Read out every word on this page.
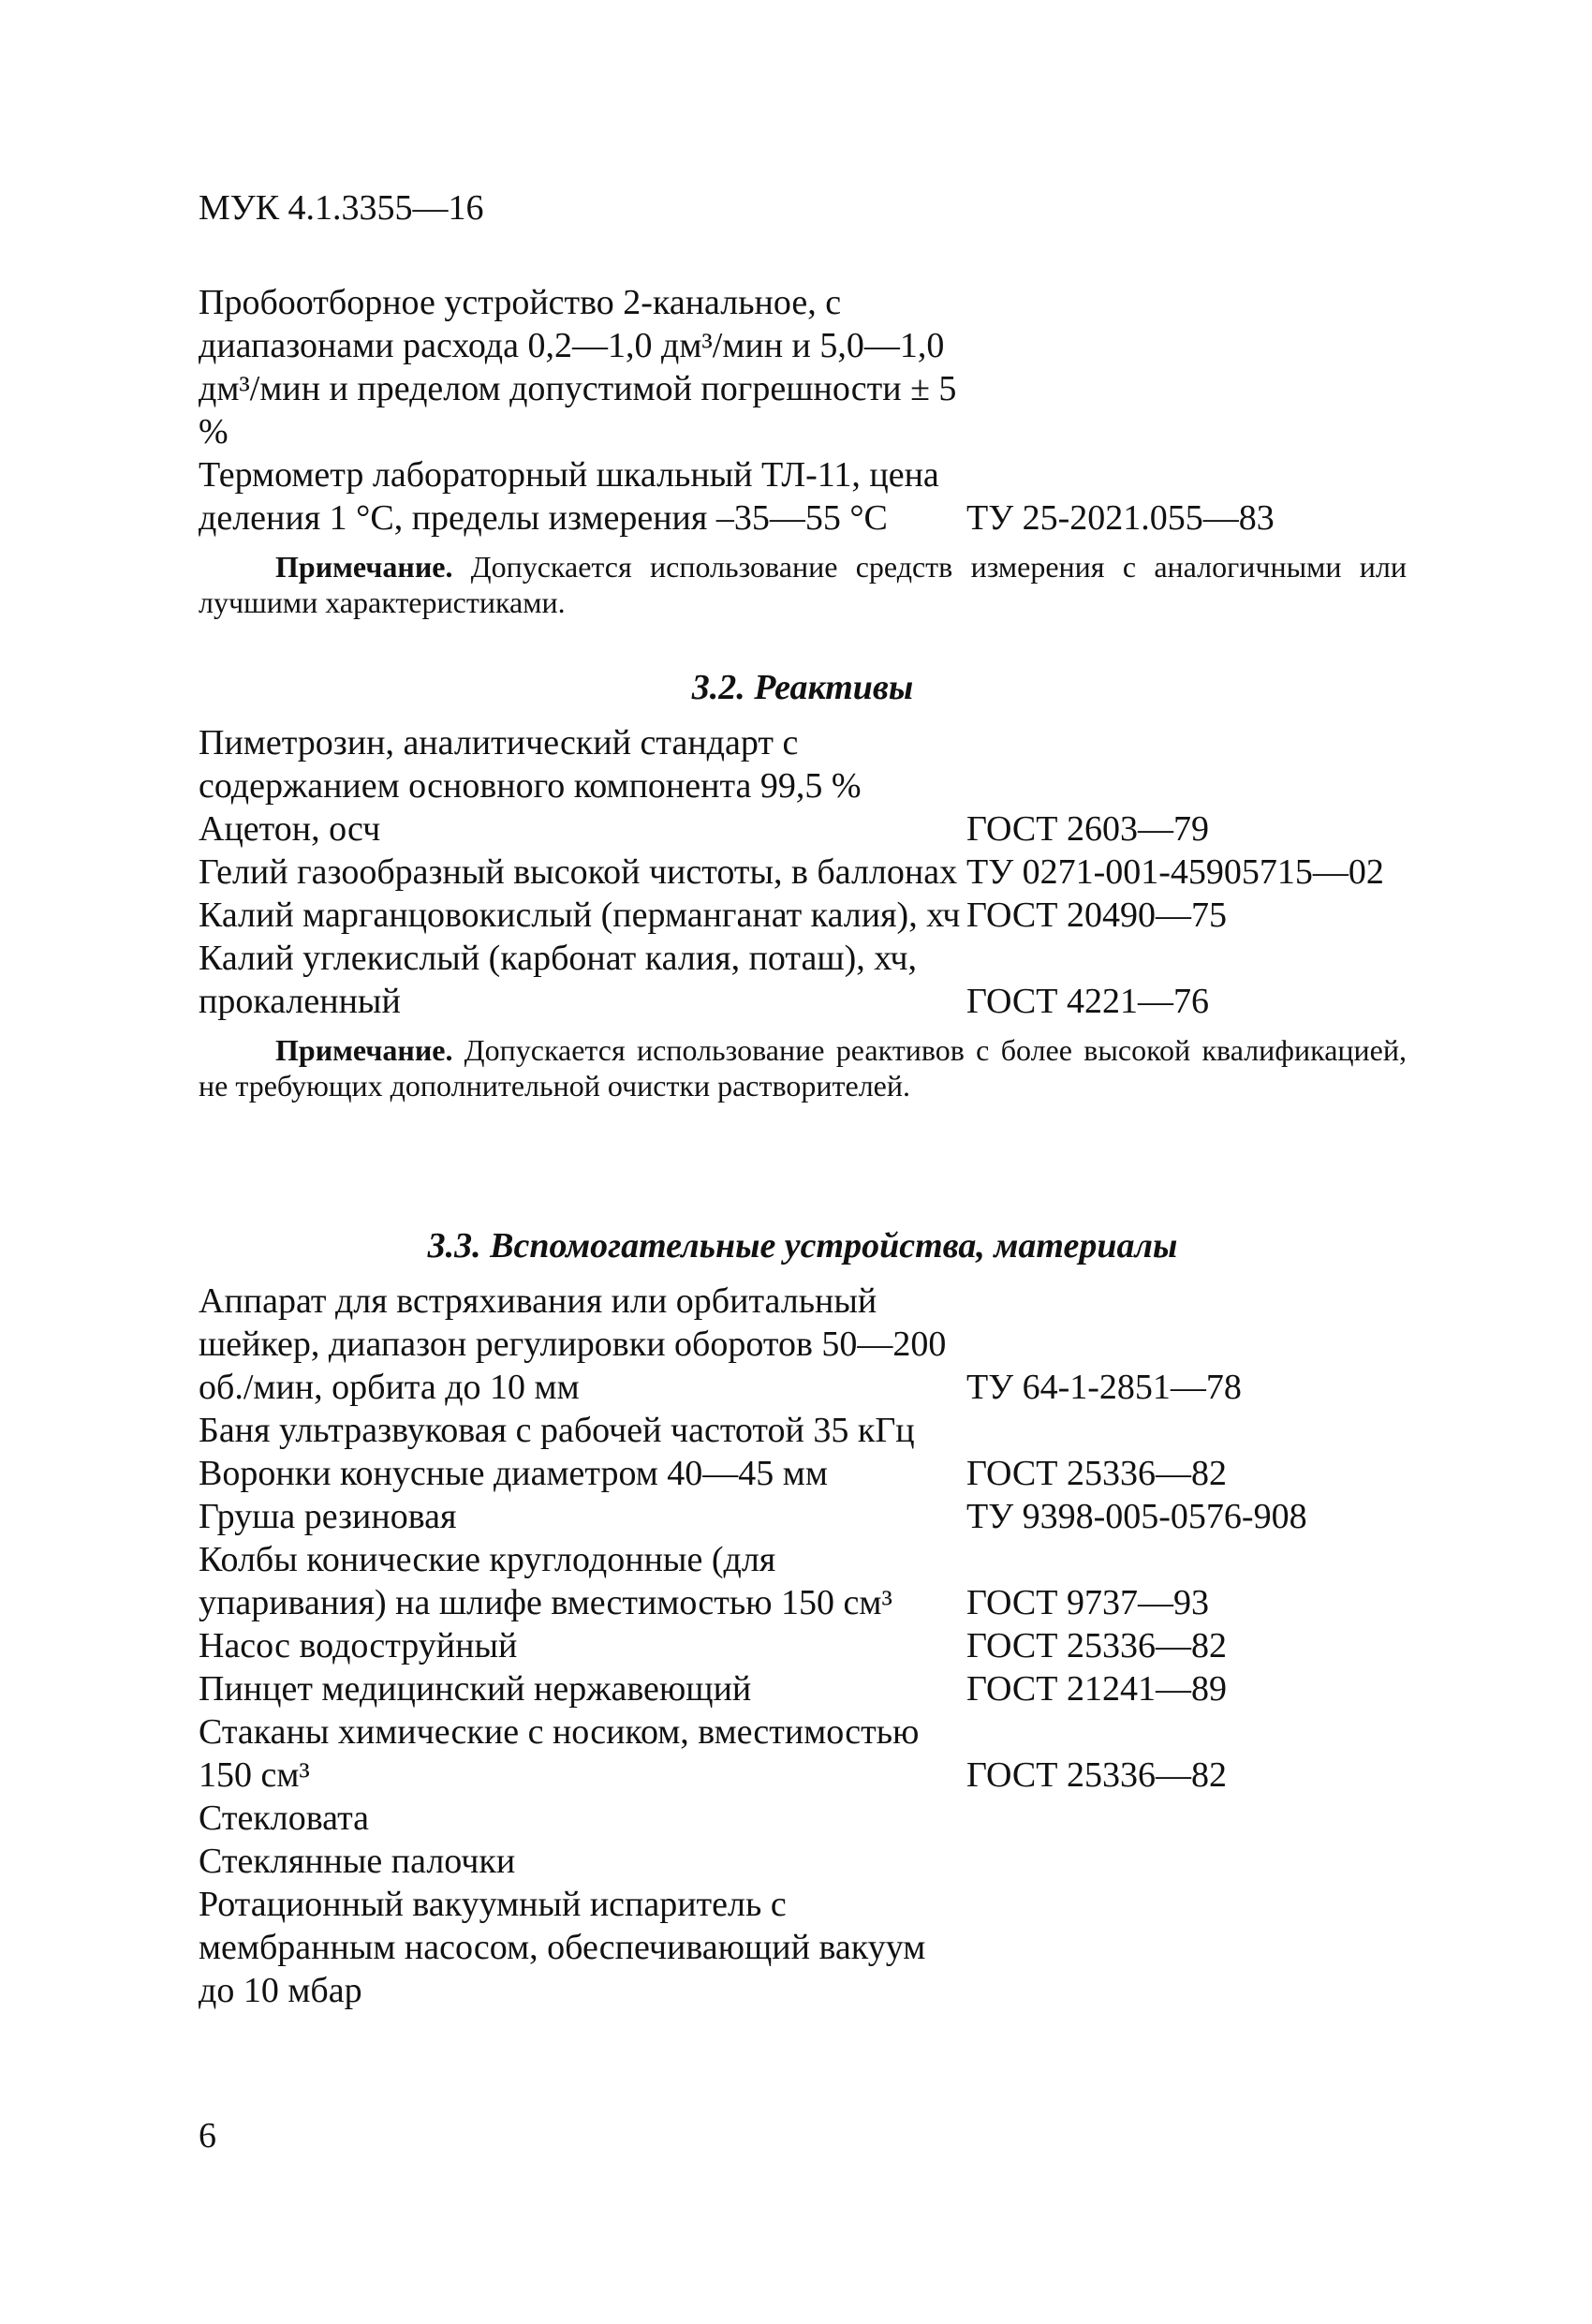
МУК 4.1.3355—16
Пробоотборное устройство 2-канальное, с диапазонами расхода 0,2—1,0 дм³/мин и 5,0—1,0 дм³/мин и пределом допустимой погрешности ± 5 %
Термометр лабораторный шкальный ТЛ-11, цена деления 1 °С, пределы измерения –35—55 °С	ТУ 25-2021.055—83

Примечание. Допускается использование средств измерения с аналогичными или лучшими характеристиками.

3.2. Реактивы

Пиметрозин, аналитический стандарт с содержанием основного компонента 99,5 %
Ацетон, осч	ГОСТ 2603—79
Гелий газообразный высокой чистоты, в баллонах ТУ 0271-001-45905715—02
Калий марганцовокислый (перманганат калия), хч ГОСТ 20490—75
Калий углекислый (карбонат калия, поташ), хч, прокаленный	ГОСТ 4221—76

Примечание. Допускается использование реактивов с более высокой квалификацией, не требующих дополнительной очистки растворителей.

3.3. Вспомогательные устройства, материалы

Аппарат для встряхивания или орбитальный шейкер, диапазон регулировки оборотов 50—200 об./мин, орбита до 10 мм	ТУ 64-1-2851—78
Баня ультразвуковая с рабочей частотой 35 кГц
Воронки конусные диаметром 40—45 мм	ГОСТ 25336—82
Груша резиновая	ТУ 9398-005-0576-908
Колбы конические круглодонные (для упаривания) на шлифе вместимостью 150 см³	ГОСТ 9737—93
Насос водоструйный	ГОСТ 25336—82
Пинцет медицинский нержавеющий	ГОСТ 21241—89
Стаканы химические с носиком, вместимостью 150 см³	ГОСТ 25336—82
Стекловата
Стеклянные палочки
Ротационный вакуумный испаритель с мембранным насосом, обеспечивающий вакуум до 10 мбар
6
